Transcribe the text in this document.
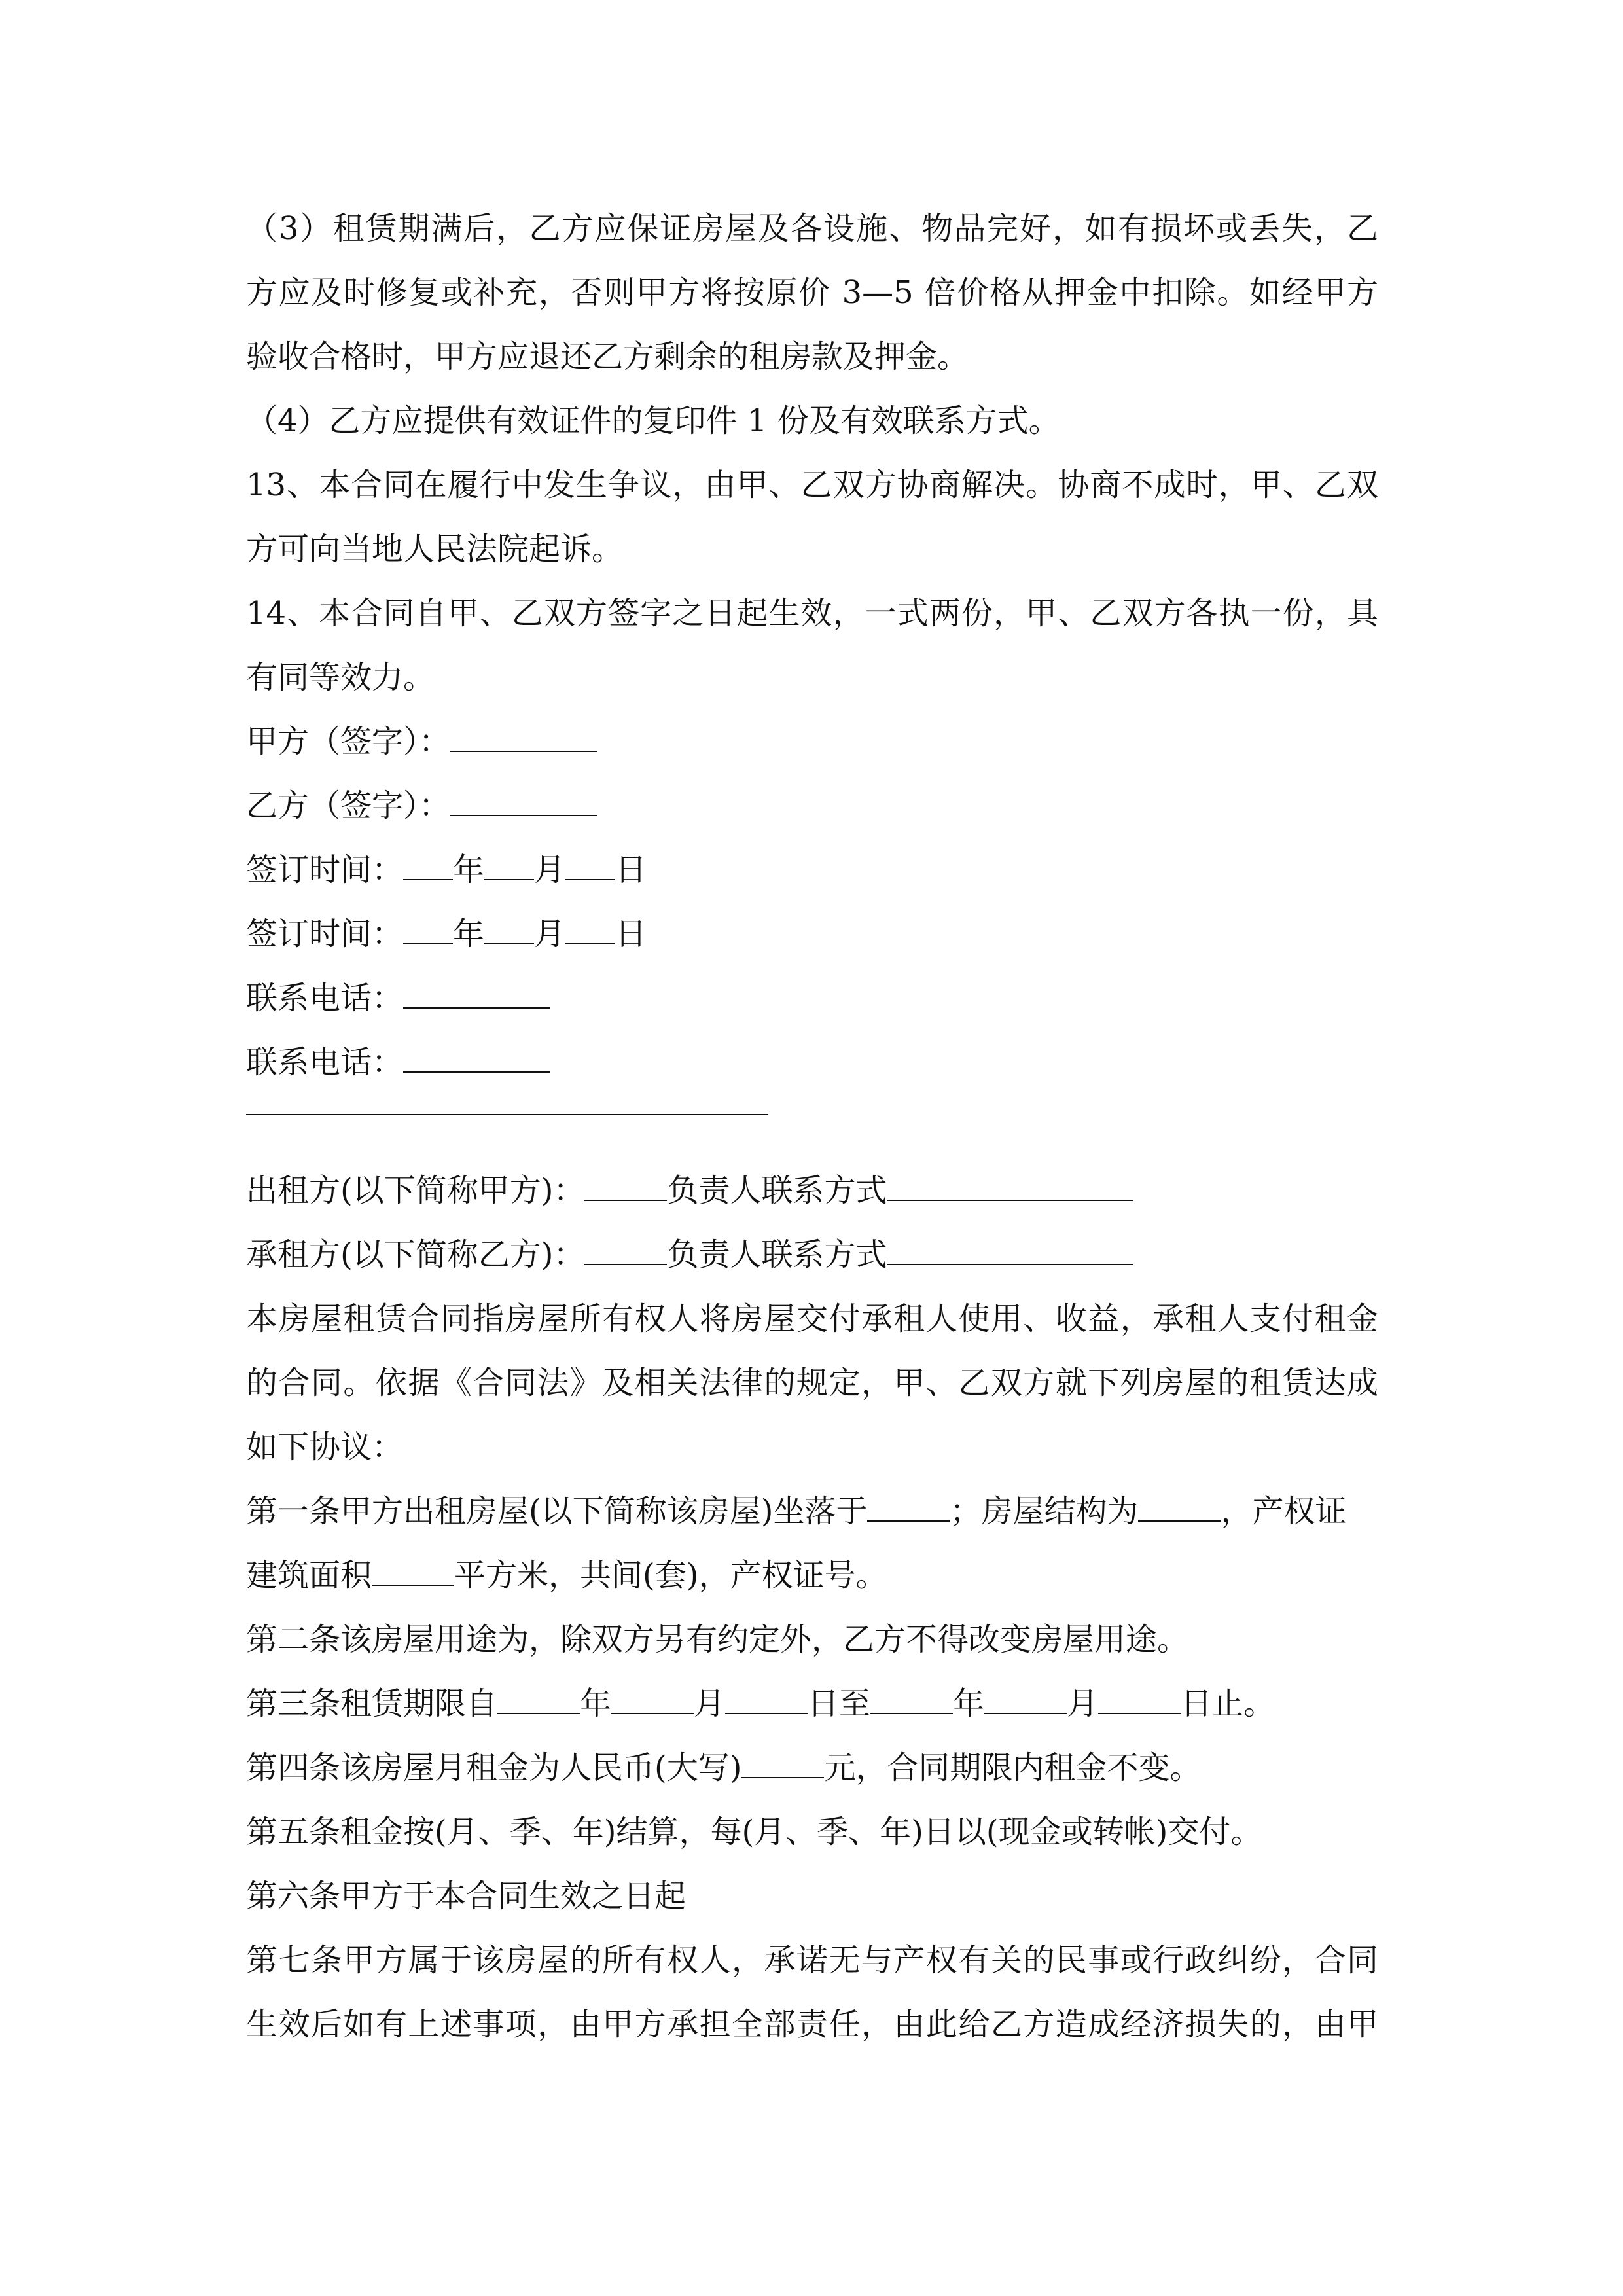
（3）租赁期满后，乙方应保证房屋及各设施、物品完好，如有损坏或丢失，乙
方应及时修复或补充，否则甲方将按原价 3—5 倍价格从押金中扣除。如经甲方
验收合格时，甲方应退还乙方剩余的租房款及押金。
（4）乙方应提供有效证件的复印件 1 份及有效联系方式。
13、本合同在履行中发生争议，由甲、乙双方协商解决。协商不成时，甲、乙双
方可向当地人民法院起诉。
14、本合同自甲、乙双方签字之日起生效，一式两份，甲、乙双方各执一份，具
有同等效力。
甲方（签字）：
乙方（签字）：
签订时间： 年 月 日
签订时间： 年 月 日
联系电话：
联系电话：
出租方(以下简称甲方)：	负责人联系方式
承租方(以下简称乙方)：	负责人联系方式
本房屋租赁合同指房屋所有权人将房屋交付承租人使用、收益，承租人支付租金
的合同。依据《合同法》及相关法律的规定，甲、乙双方就下列房屋的租赁达成
如下协议：
第一条甲方出租房屋(以下简称该房屋)坐落于	；房屋结构为	，产权证
建筑面积	平方米，共间(套)，产权证号。
第二条该房屋用途为，除双方另有约定外，乙方不得改变房屋用途。
第三条租赁期限自	年	月	日至	年	月	日止。
第四条该房屋月租金为人民币(大写)	元，合同期限内租金不变。
第五条租金按(月、季、年)结算，每(月、季、年)日以(现金或转帐)交付。
第六条甲方于本合同生效之日起
第七条甲方属于该房屋的所有权人，承诺无与产权有关的民事或行政纠纷，合同
生效后如有上述事项，由甲方承担全部责任，由此给乙方造成经济损失的，由甲
